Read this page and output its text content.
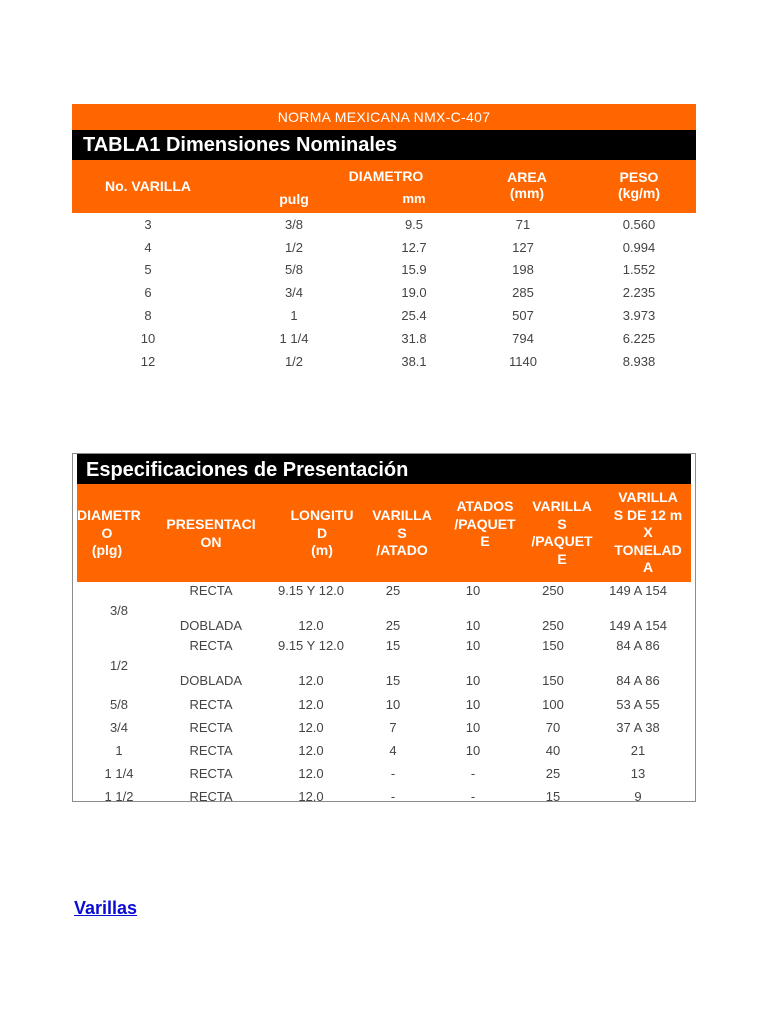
NORMA MEXICANA NMX-C-407
TABLA1 Dimensiones Nominales
No. VARILLA
DIAMETRO
pulg	mm
AREA
(mm)
PESO
(kg/m)
3	3/8	9.5	71	0.560
4	1/2	12.7	127	0.994
5	5/8	15.9	198	1.552
6	3/4	19.0	285	2.235
8	1	25.4	507	3.973
10	1 1/4	31.8	794	6.225
12	1/2	38.1	1140	8.938
Especificaciones de Presentación
DIAMETR
O
(plg)
PRESENTACI
ON
LONGITU
D
(m)
VARILLA
S
/ATADO
ATADOS
/PAQUET
E
VARILLA
S
/PAQUET
E
VARILLA
S DE 12 m
X
TONELAD
A
3/8	RECTA	9.15 Y 12.0	25	10	250	149 A 154
	DOBLADA	12.0	25	10	250	149 A 154
1/2	RECTA	9.15 Y 12.0	15	10	150	84 A 86
	DOBLADA	12.0	15	10	150	84 A 86
5/8	RECTA	12.0	10	10	100	53 A 55
3/4	RECTA	12.0	7	10	70	37 A 38
1	RECTA	12.0	4	10	40	21
1 1/4	RECTA	12.0	-	-	25	13
1 1/2	RECTA	12.0	-	-	15	9
Varillas
